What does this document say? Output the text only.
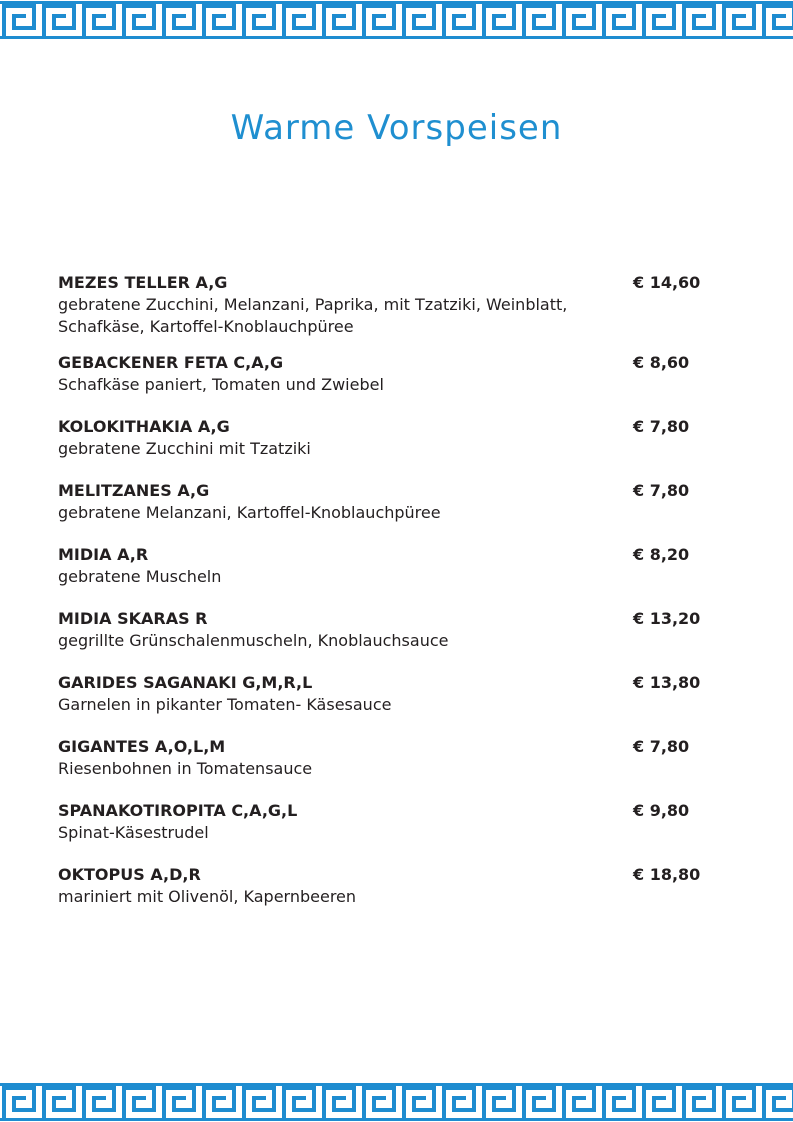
Warme Vorspeisen
MEZES TELLER A,G
gebratene Zucchini, Melanzani, Paprika, mit Tzatziki, Weinblatt, Schafkäse, Kartoffel-Knoblauchpüree
€ 14,60
GEBACKENER FETA C,A,G
Schafkäse paniert, Tomaten und Zwiebel
€ 8,60
KOLOKITHAKIA A,G
gebratene Zucchini mit Tzatziki
€ 7,80
MELITZANES A,G
gebratene Melanzani, Kartoffel-Knoblauchpüree
€ 7,80
MIDIA A,R
gebratene Muscheln
€ 8,20
MIDIA SKARAS R
gegrillte Grünschalenmuscheln, Knoblauchsauce
€ 13,20
GARIDES SAGANAKI G,M,R,L
Garnelen in pikanter Tomaten- Käsesauce
€ 13,80
GIGANTES A,O,L,M
Riesenbohnen in Tomatensauce
€ 7,80
SPANAKOTIROPITA C,A,G,L
Spinat-Käsestrudel
€ 9,80
OKTOPUS A,D,R
mariniert mit Olivenöl, Kapernbeeren
€ 18,80
